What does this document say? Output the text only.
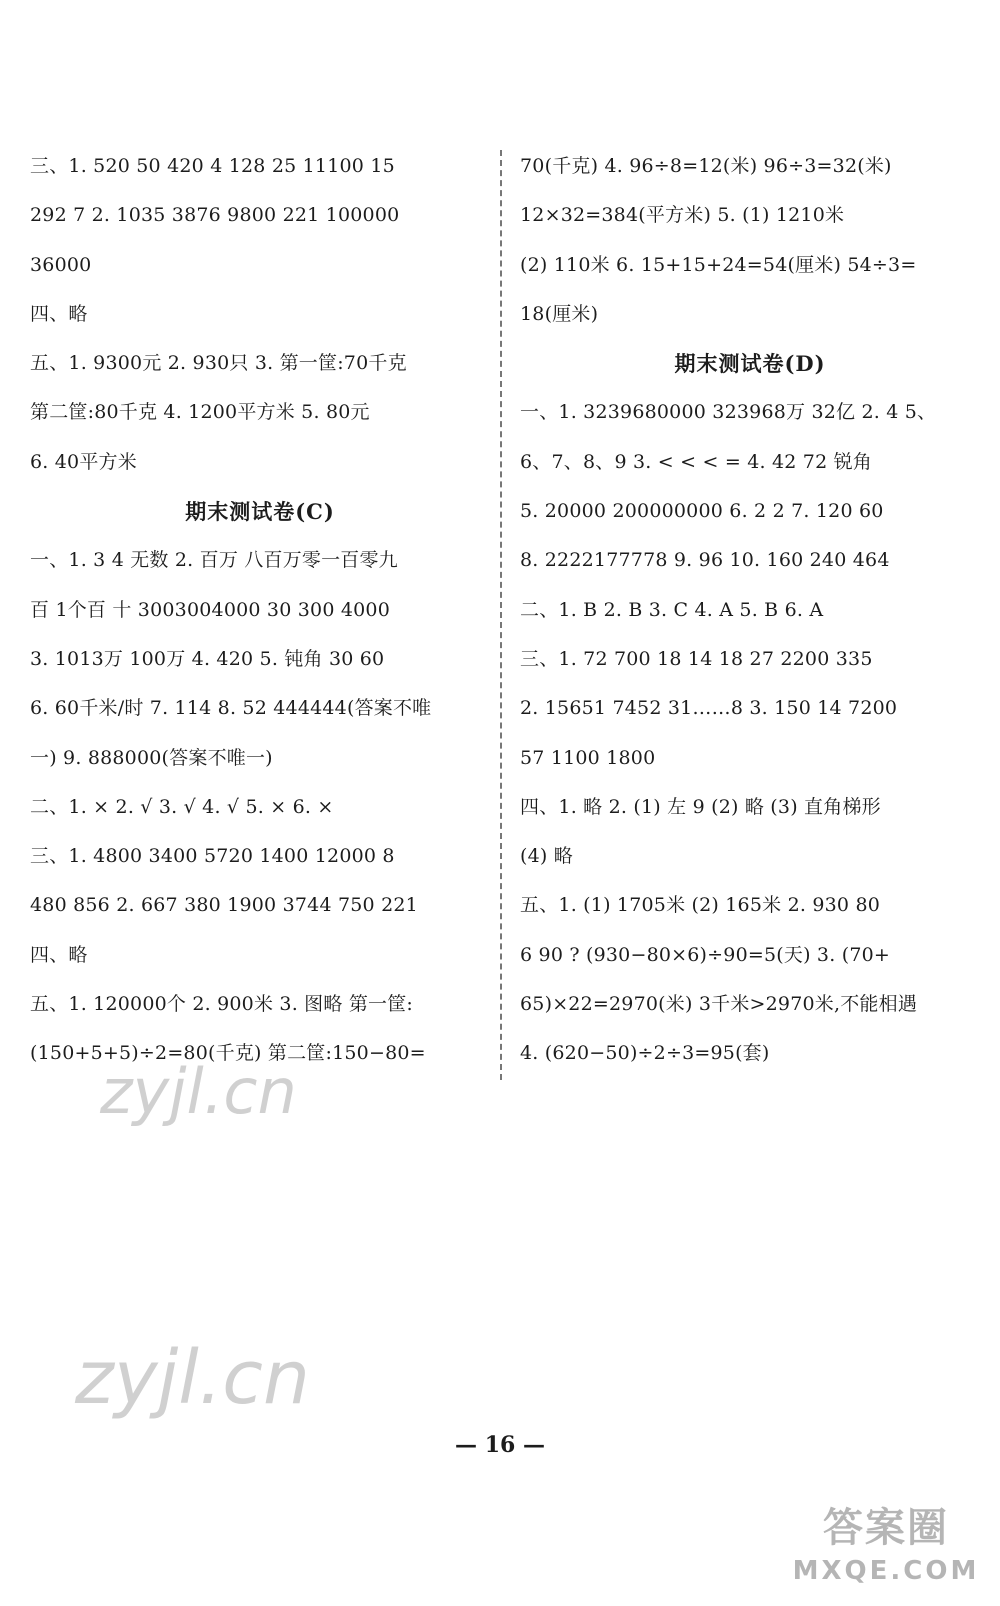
三、1. 520 50 420 4 128 25 11100 15
292 7 2. 1035 3876 9800 221 100000
36000
四、略
五、1. 9300元 2. 930只 3. 第一筐:70千克
第二筐:80千克 4. 1200平方米 5. 80元
6. 40平方米
期末测试卷(C)
一、1. 3 4 无数 2. 百万 八百万零一百零九
百 1个百 十 3003004000 30 300 4000
3. 1013万 100万 4. 420 5. 钝角 30 60
6. 60千米/时 7. 114 8. 52 444444(答案不唯
一) 9. 888000(答案不唯一)
二、1. × 2. √ 3. √ 4. √ 5. × 6. ×
三、1. 4800 3400 5720 1400 12000 8
480 856 2. 667 380 1900 3744 750 221
四、略
五、1. 120000个 2. 900米 3. 图略 第一筐:
(150+5+5)÷2=80(千克) 第二筐:150−80=
70(千克) 4. 96÷8=12(米) 96÷3=32(米)
12×32=384(平方米) 5. (1) 1210米
(2) 110米 6. 15+15+24=54(厘米) 54÷3=
18(厘米)
期末测试卷(D)
一、1. 3239680000 323968万 32亿 2. 4 5、
6、7、8、9 3. < < < = 4. 42 72 锐角
5. 20000 200000000 6. 2 2 7. 120 60
8. 2222177778 9. 96 10. 160 240 464
二、1. B 2. B 3. C 4. A 5. B 6. A
三、1. 72 700 18 14 18 27 2200 335
2. 15651 7452 31……8 3. 150 14 7200
57 1100 1800
四、1. 略 2. (1) 左 9 (2) 略 (3) 直角梯形
(4) 略
五、1. (1) 1705米 (2) 165米 2. 930 80
6 90 ? (930−80×6)÷90=5(天) 3. (70+
65)×22=2970(米) 3千米>2970米,不能相遇
4. (620−50)÷2÷3=95(套)
zyjl.cn
zyjl.cn
— 16 —
答案圈
MXQE.COM
